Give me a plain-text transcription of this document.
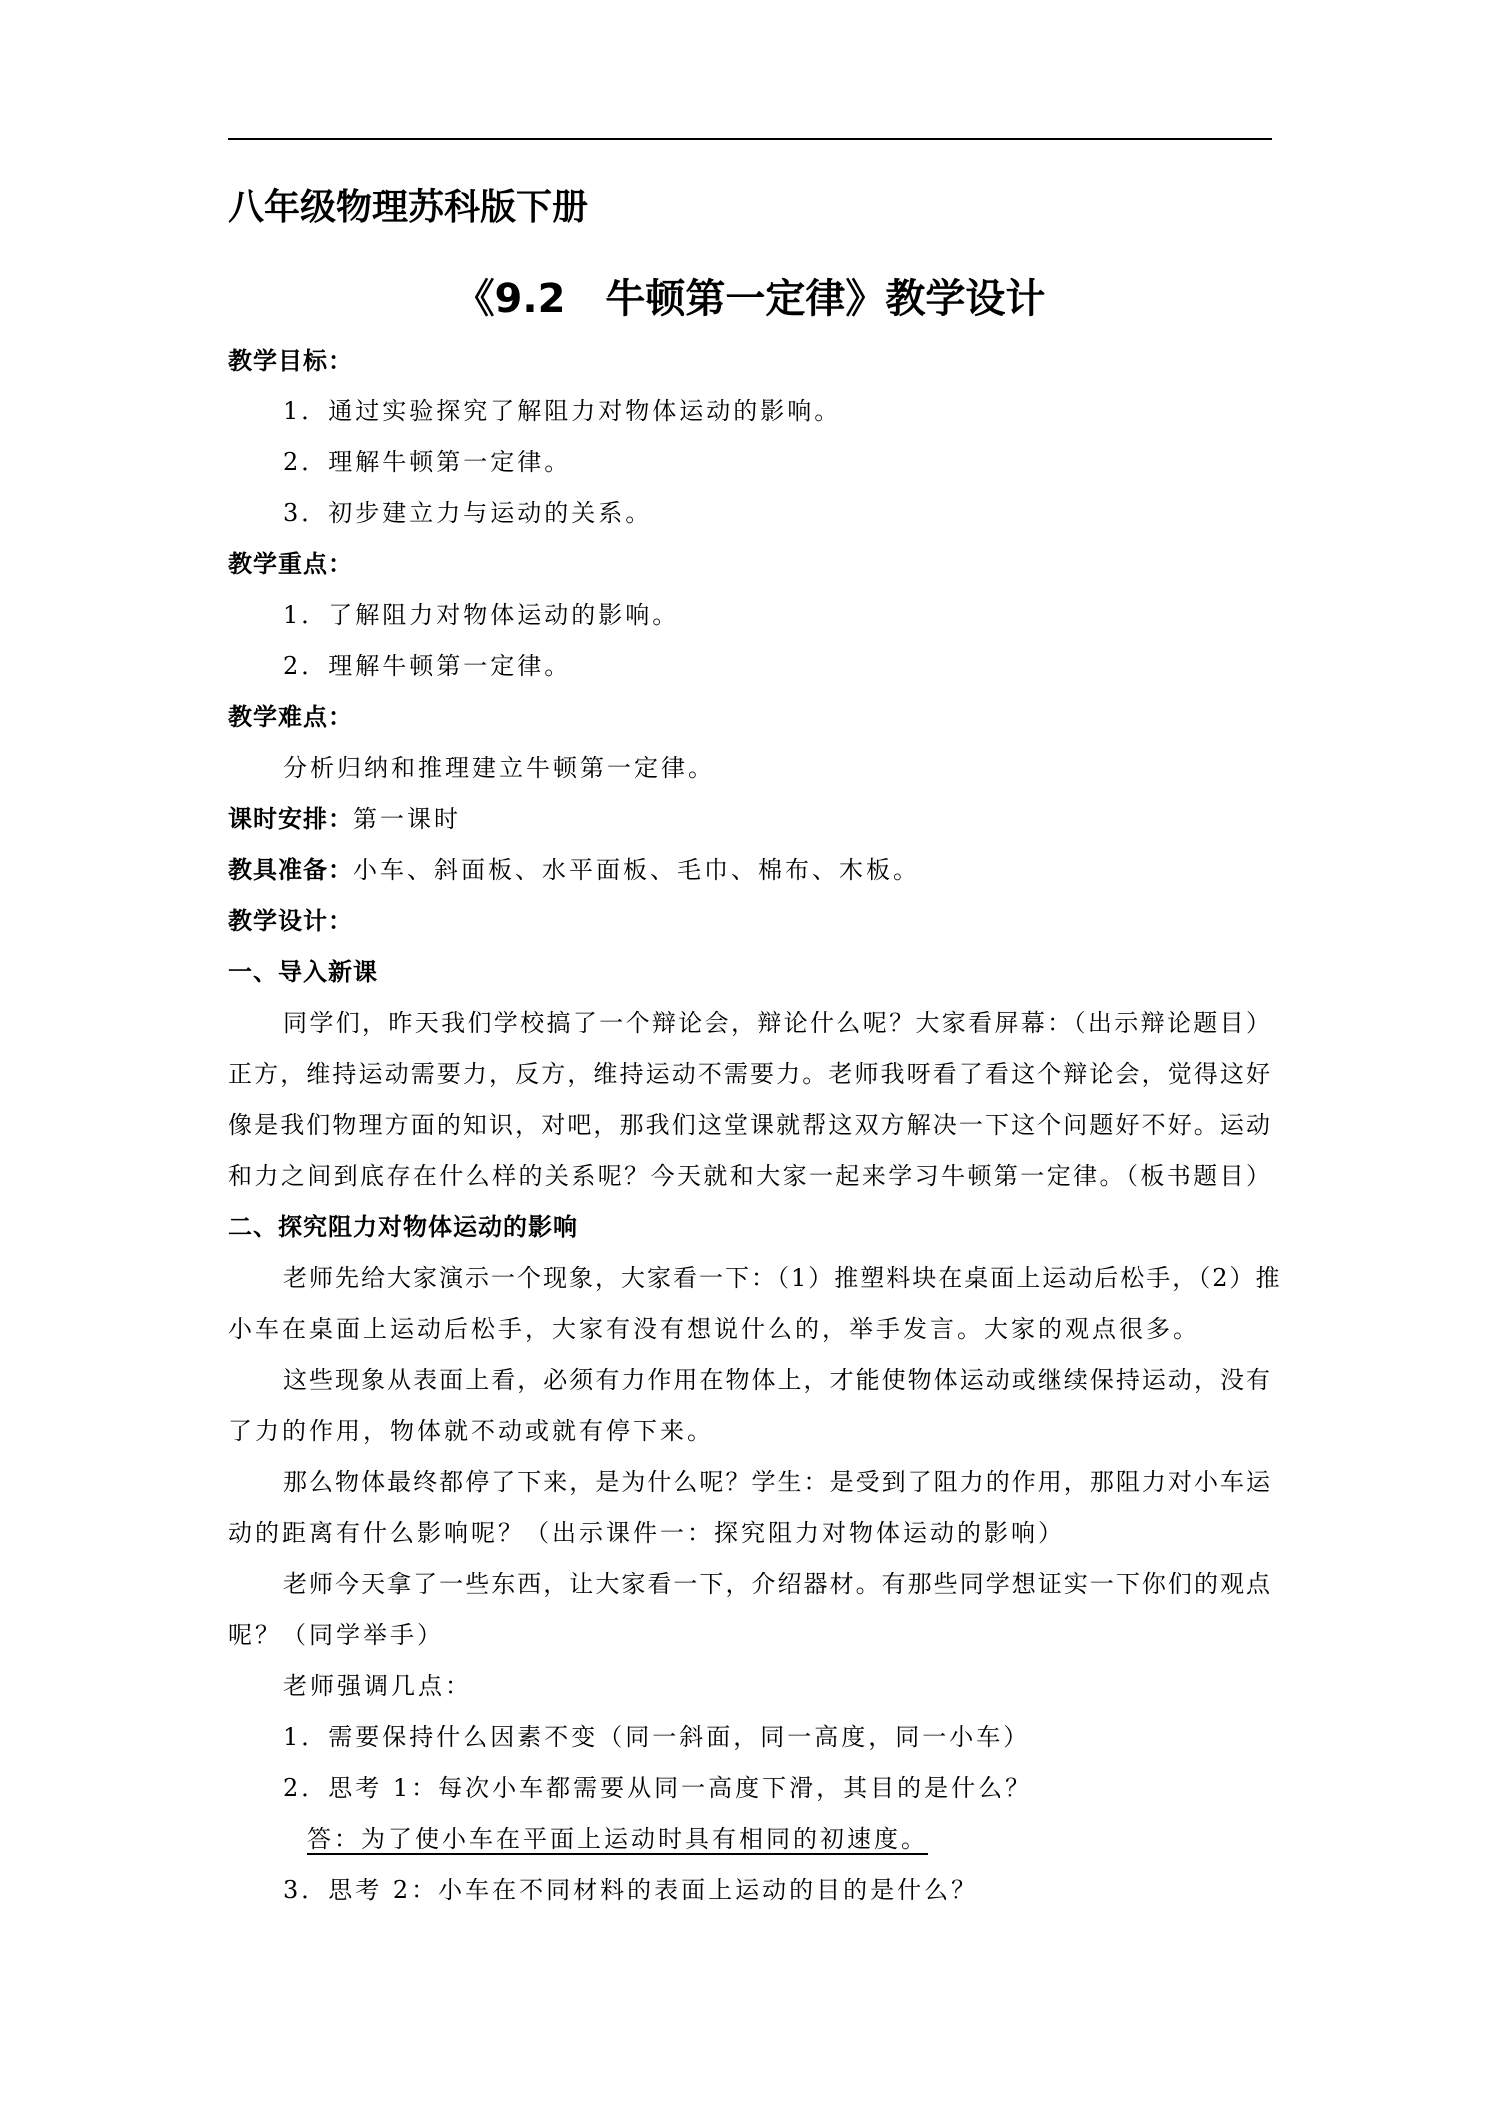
八年级物理苏科版下册
《9.2　牛顿第一定律》教学设计
教学目标：
1．通过实验探究了解阻力对物体运动的影响。
2．理解牛顿第一定律。
3．初步建立力与运动的关系。
教学重点：
1．了解阻力对物体运动的影响。
2．理解牛顿第一定律。
教学难点：
分析归纳和推理建立牛顿第一定律。
课时安排：第一课时
教具准备：小车、斜面板、水平面板、毛巾、棉布、木板。
教学设计：
一、导入新课
同学们，昨天我们学校搞了一个辩论会，辩论什么呢？大家看屏幕：（出示辩论题目）
正方，维持运动需要力，反方，维持运动不需要力。老师我呀看了看这个辩论会，觉得这好
像是我们物理方面的知识，对吧，那我们这堂课就帮这双方解决一下这个问题好不好。运动
和力之间到底存在什么样的关系呢？今天就和大家一起来学习牛顿第一定律。（板书题目）
二、探究阻力对物体运动的影响
老师先给大家演示一个现象，大家看一下：（1）推塑料块在桌面上运动后松手，（2）推
小车在桌面上运动后松手，大家有没有想说什么的，举手发言。大家的观点很多。
这些现象从表面上看，必须有力作用在物体上，才能使物体运动或继续保持运动，没有
了力的作用，物体就不动或就有停下来。
那么物体最终都停了下来，是为什么呢？学生：是受到了阻力的作用，那阻力对小车运
动的距离有什么影响呢？（出示课件一：探究阻力对物体运动的影响）
老师今天拿了一些东西，让大家看一下，介绍器材。有那些同学想证实一下你们的观点
呢？（同学举手）
老师强调几点：
1．需要保持什么因素不变（同一斜面，同一高度，同一小车）
2．思考 1：每次小车都需要从同一高度下滑，其目的是什么？
答：为了使小车在平面上运动时具有相同的初速度。
3．思考 2：小车在不同材料的表面上运动的目的是什么？
